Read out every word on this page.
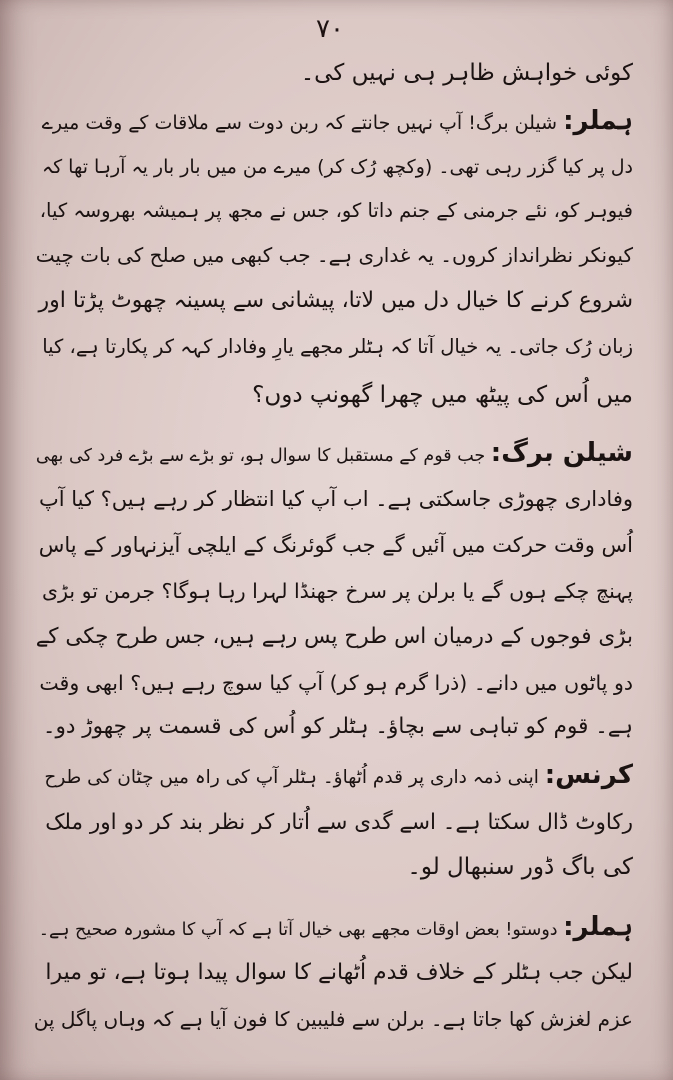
۷۰
کوئی خواہش ظاہر ہی نہیں کی۔
ہملر: شیلن برگ! آپ نہیں جانتے کہ ربن دوت سے ملاقات کے وقت میرے
دل پر کیا گزر رہی تھی۔ (وکچھ رُک کر) میرے من میں بار بار یہ آرہا تھا کہ
فیوہر کو، نئے جرمنی کے جنم داتا کو، جس نے مجھ پر ہمیشہ بھروسہ کیا،
کیونکر نظرانداز کروں۔ یہ غداری ہے۔ جب کبھی میں صلح کی بات چیت
شروع کرنے کا خیال دل میں لاتا، پیشانی سے پسینہ چھوٹ پڑتا اور
زبان رُک جاتی۔ یہ خیال آتا کہ ہٹلر مجھے یارِ وفادار کہہ کر پکارتا ہے، کیا
میں اُس کی پیٹھ میں چھرا گھونپ دوں؟
شیلن برگ: جب قوم کے مستقبل کا سوال ہو، تو بڑے سے بڑے فرد کی بھی
وفاداری چھوڑی جاسکتی ہے۔ اب آپ کیا انتظار کر رہے ہیں؟ کیا آپ
اُس وقت حرکت میں آئیں گے جب گوئرنگ کے ایلچی آیزنہاور کے پاس
پہنچ چکے ہوں گے یا برلن پر سرخ جھنڈا لہرا رہا ہوگا؟ جرمن تو بڑی
بڑی فوجوں کے درمیان اس طرح پس رہے ہیں، جس طرح چکی کے
دو پاٹوں میں دانے۔ (ذرا گرم ہو کر) آپ کیا سوچ رہے ہیں؟ ابھی وقت
ہے۔ قوم کو تباہی سے بچاؤ۔ ہٹلر کو اُس کی قسمت پر چھوڑ دو۔
کرنس: اپنی ذمہ داری پر قدم اُٹھاؤ۔ ہٹلر آپ کی راہ میں چٹان کی طرح
رکاوٹ ڈال سکتا ہے۔ اسے گدی سے اُتار کر نظر بند کر دو اور ملک
کی باگ ڈور سنبھال لو۔
ہملر: دوستو! بعض اوقات مجھے بھی خیال آتا ہے کہ آپ کا مشورہ صحیح ہے۔
لیکن جب ہٹلر کے خلاف قدم اُٹھانے کا سوال پیدا ہوتا ہے، تو میرا
عزم لغزش کھا جاتا ہے۔ برلن سے فلیبین کا فون آیا ہے کہ وہاں پاگل پن
